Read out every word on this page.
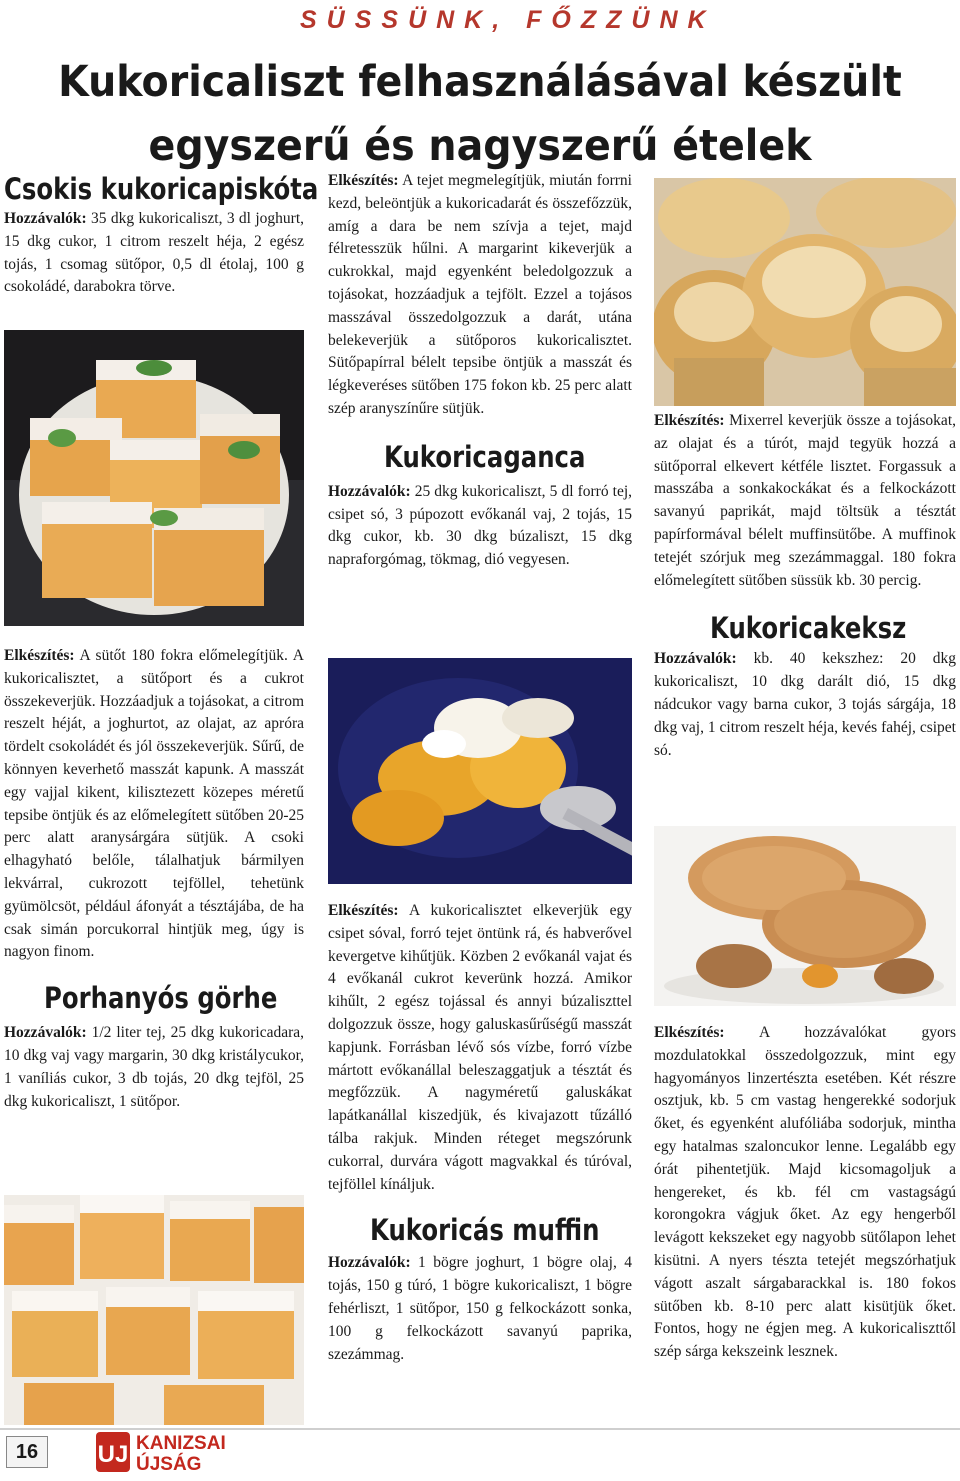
SÜSSÜNK, FŐZZÜNK
Kukoricaliszt felhasználásával készült
egyszerű és nagyszerű ételek
Csokis kukoricapiskóta

Hozzávalók: 35 dkg kukoricaliszt, 3 dl joghurt, 15 dkg cukor, 1 citrom reszelt héja, 2 egész tojás, 1 csomag sütőpor, 0,5 dl étolaj, 100 g csokoládé, darabokra törve.

Elkészítés: A sütőt 180 fokra előmelegítjük. A kukoricalisztet, a sütőport és a cukrot összekeverjük. Hozzáadjuk a tojásokat, a citrom reszelt héját, a joghurtot, az olajat, az apróra tördelt csokoládét és jól összekeverjük. Sűrű, de könnyen keverhető masszát kapunk. A masszát egy vajjal kikent, kilisztezett közepes méretű tepsibe öntjük és az előmelegített sütőben 20-25 perc alatt aranysárgára sütjük. A csoki elhagyható belőle, tálalhatjuk bármilyen lekvárral, cukrozott tejföllel, tehetünk gyümölcsöt, például áfonyát a tésztájába, de ha csak simán porcukorral hintjük meg, úgy is nagyon finom.

Porhanyós görhe

Hozzávalók: 1/2 liter tej, 25 dkg kukoricadara, 10 dkg vaj vagy margarin, 30 dkg kristálycukor, 1 vaníliás cukor, 3 db tojás, 20 dkg tejföl, 25 dkg kukoricaliszt, 1 sütőpor.

Elkészítés: A tejet megmelegítjük, miután forrni kezd, beleöntjük a kukoricadarát és összefőzzük, amíg a dara be nem szívja a tejet, majd félretesszük hűlni. A margarint kikeverjük a cukrokkal, majd egyenként beledolgozzuk a tojásokat, hozzáadjuk a tejfölt. Ezzel a tojásos masszával összedolgozzuk a darát, utána belekeverjük a sütőporos kukoricalisztet. Sütőpapírral bélelt tepsibe öntjük a masszát és légkeveréses sütőben 175 fokon kb. 25 perc alatt szép aranyszínűre sütjük.

Kukoricaganca

Hozzávalók: 25 dkg kukoricaliszt, 5 dl forró tej, csipet só, 3 púpozott evőkanál vaj, 2 tojás, 15 dkg cukor, kb. 30 dkg búzaliszt, 15 dkg napraforgómag, tökmag, dió vegyesen.

Elkészítés: A kukoricalisztet elkeverjük egy csipet sóval, forró tejet öntünk rá, és habverővel kevergetve kihűtjük. Közben 2 evőkanál vajat és 4 evőkanál cukrot keverünk hozzá. Amikor kihűlt, 2 egész tojással és annyi búzaliszttel dolgozzuk össze, hogy galuskasűrűségű masszát kapjunk. Forrásban lévő sós vízbe, forró vízbe mártott evőkanállal beleszaggatjuk a tésztát és megfőzzük. A nagyméretű galuskákat lapátkanállal kiszedjük, és kivajazott tűzálló tálba rakjuk. Minden réteget megszórunk cukorral, durvára vágott magvakkal és túróval, tejföllel kínáljuk.

Kukoricás muffin

Hozzávalók: 1 bögre joghurt, 1 bögre olaj, 4 tojás, 150 g túró, 1 bögre kukoricaliszt, 1 bögre fehérliszt, 1 sütőpor, 150 g felkockázott sonka, 100 g felkockázott savanyú paprika, szezámmag.

Elkészítés: Mixerrel keverjük össze a tojásokat, az olajat és a túrót, majd tegyük hozzá a sütőporral elkevert kétféle lisztet. Forgassuk a masszába a sonkakockákat és a felkockázott savanyú paprikát, majd töltsük a tésztát papírformával bélelt muffinsütőbe. A muffinok tetejét szórjuk meg szezámmaggal. 180 fokra előmelegített sütőben süssük kb. 30 percig.

Kukoricakeksz

Hozzávalók: kb. 40 kekszhez: 20 dkg kukoricaliszt, 10 dkg darált dió, 15 dkg nádcukor vagy barna cukor, 3 tojás sárgája, 18 dkg vaj, 1 citrom reszelt héja, kevés fahéj, csipet só.

Elkészítés: A hozzávalókat gyors mozdulatokkal összedolgozzuk, mint egy hagyományos linzertészta esetében. Két részre osztjuk, kb. 5 cm vastag hengerekké sodorjuk őket, és egyenként alufóliába sodorjuk, mintha egy hatalmas szaloncukor lenne. Legalább egy órát pihentetjük. Majd kicsomagoljuk a hengereket, és kb. fél cm vastagságú korongokra vágjuk őket. Az egy hengerből levágott kekszeket egy nagyobb sütőlapon lehet kisütni. A nyers tészta tetejét megszórhatjuk vágott aszalt sárgabarackkal is. 180 fokos sütőben kb. 8-10 perc alatt kisütjük őket. Fontos, hogy ne égjen meg. A kukoricaliszttől szép sárga kekszeink lesznek.

16	UJ KANIZSAI
ÚJSÁG
